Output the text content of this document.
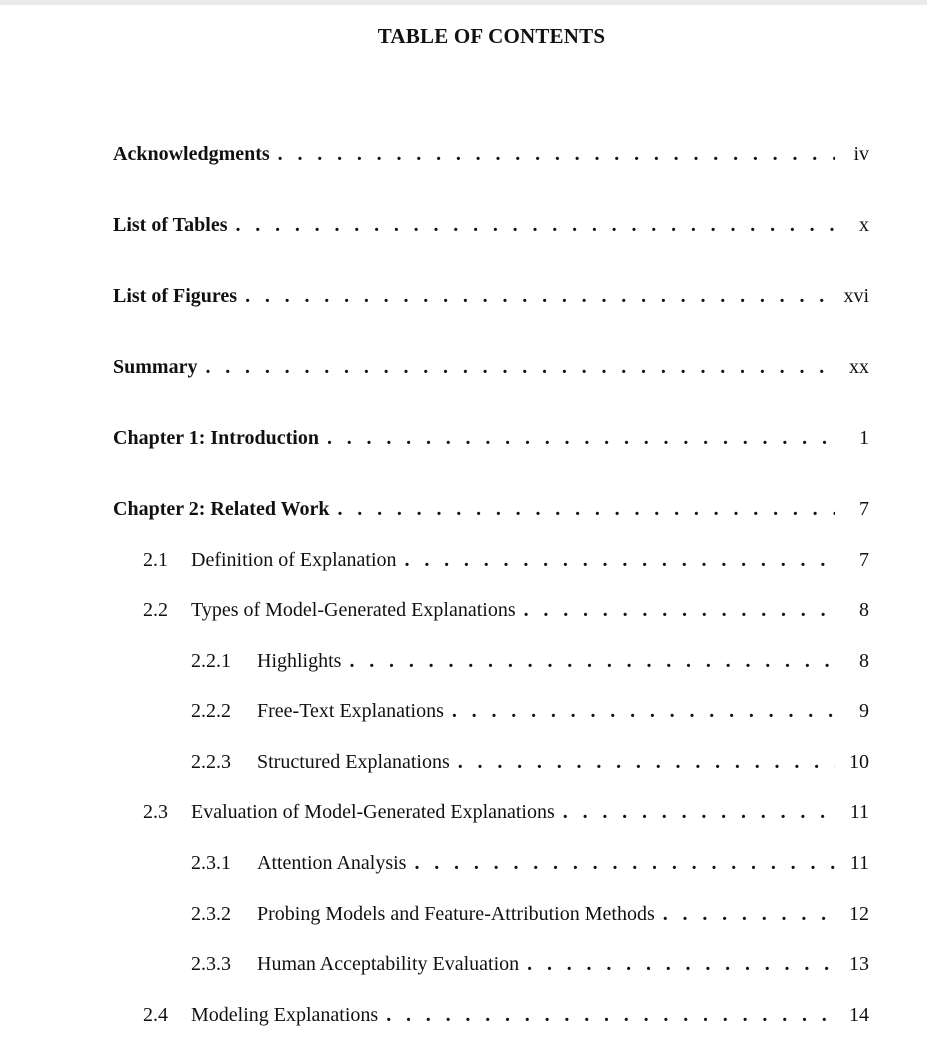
TABLE OF CONTENTS
Acknowledgments . . .	iv
List of Tables . . .	x
List of Figures . . .	xvi
Summary . . .	xx
Chapter 1: Introduction . . .	1
Chapter 2: Related Work . . .	7
2.1	Definition of Explanation . . .	7
2.2	Types of Model-Generated Explanations . . .	8
2.2.1	Highlights . . .	8
2.2.2	Free-Text Explanations . . .	9
2.2.3	Structured Explanations . . .	10
2.3	Evaluation of Model-Generated Explanations . . .	11
2.3.1	Attention Analysis . . .	11
2.3.2	Probing Models and Feature-Attribution Methods . . .	12
2.3.3	Human Acceptability Evaluation . . .	13
2.4	Modeling Explanations . . .	14
